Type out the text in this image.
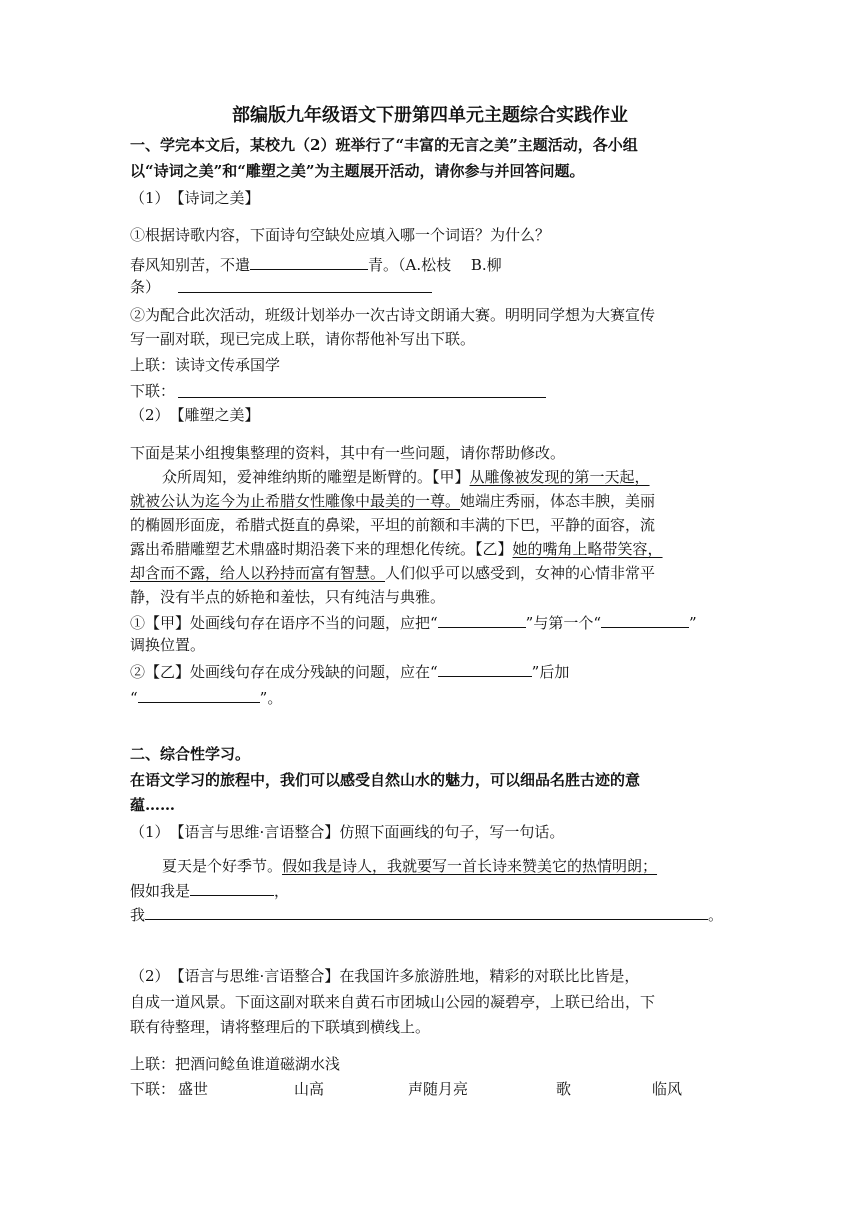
部编版九年级语文下册第四单元主题综合实践作业
一、学完本文后，某校九（2）班举行了“丰富的无言之美”主题活动，各小组
以“诗词之美”和“雕塑之美”为主题展开活动，请你参与并回答问题。
（1）　【诗词之美】
①根据诗歌内容，下面诗句空缺处应填入哪一个词语？为什么？
春风知别苦，不遣	青。（A.松枝　 B.柳
条）
②为配合此次活动，班级计划举办一次古诗文朗诵大赛。明明同学想为大赛宣传
写一副对联，现已完成上联，请你帮他补写出下联。
上联：读诗文传承国学
下联：
（2）　【雕塑之美】
下面是某小组搜集整理的资料，其中有一些问题，请你帮助修改。
众所周知，爱神维纳斯的雕塑是断臂的。【甲】从雕像被发现的第一天起，
就被公认为迄今为止希腊女性雕像中最美的一尊。她端庄秀丽，体态丰腴，美丽
的椭圆形面庞，希腊式挺直的鼻梁，平坦的前额和丰满的下巴，平静的面容，流
露出希腊雕塑艺术鼎盛时期沿袭下来的理想化传统。【乙】她的嘴角上略带笑容，
却含而不露，给人以矜持而富有智慧。人们似乎可以感受到，女神的心情非常平
静，没有半点的娇艳和羞怯，只有纯洁与典雅。
①【甲】处画线句存在语序不当的问题，应把“	”与第一个“	”
调换位置。
②【乙】处画线句存在成分残缺的问题，应在“	”后加
“	”。
二、综合性学习。
在语文学习的旅程中，我们可以感受自然山水的魅力，可以细品名胜古迹的意
蕴……
（1）　【语言与思维·言语整合】仿照下面画线的句子，写一句话。
夏天是个好季节。假如我是诗人，我就要写一首长诗来赞美它的热情明朗；
假如我是	，
我	。
（2）　【语言与思维·言语整合】在我国许多旅游胜地，精彩的对联比比皆是，
自成一道风景。下面这副对联来自黄石市团城山公园的凝碧亭，上联已给出，下
联有待整理，请将整理后的下联填到横线上。
上联：把酒问鲶鱼谁道磁湖水浅
下联： 盛世	山高	声随月亮	歌	临风
